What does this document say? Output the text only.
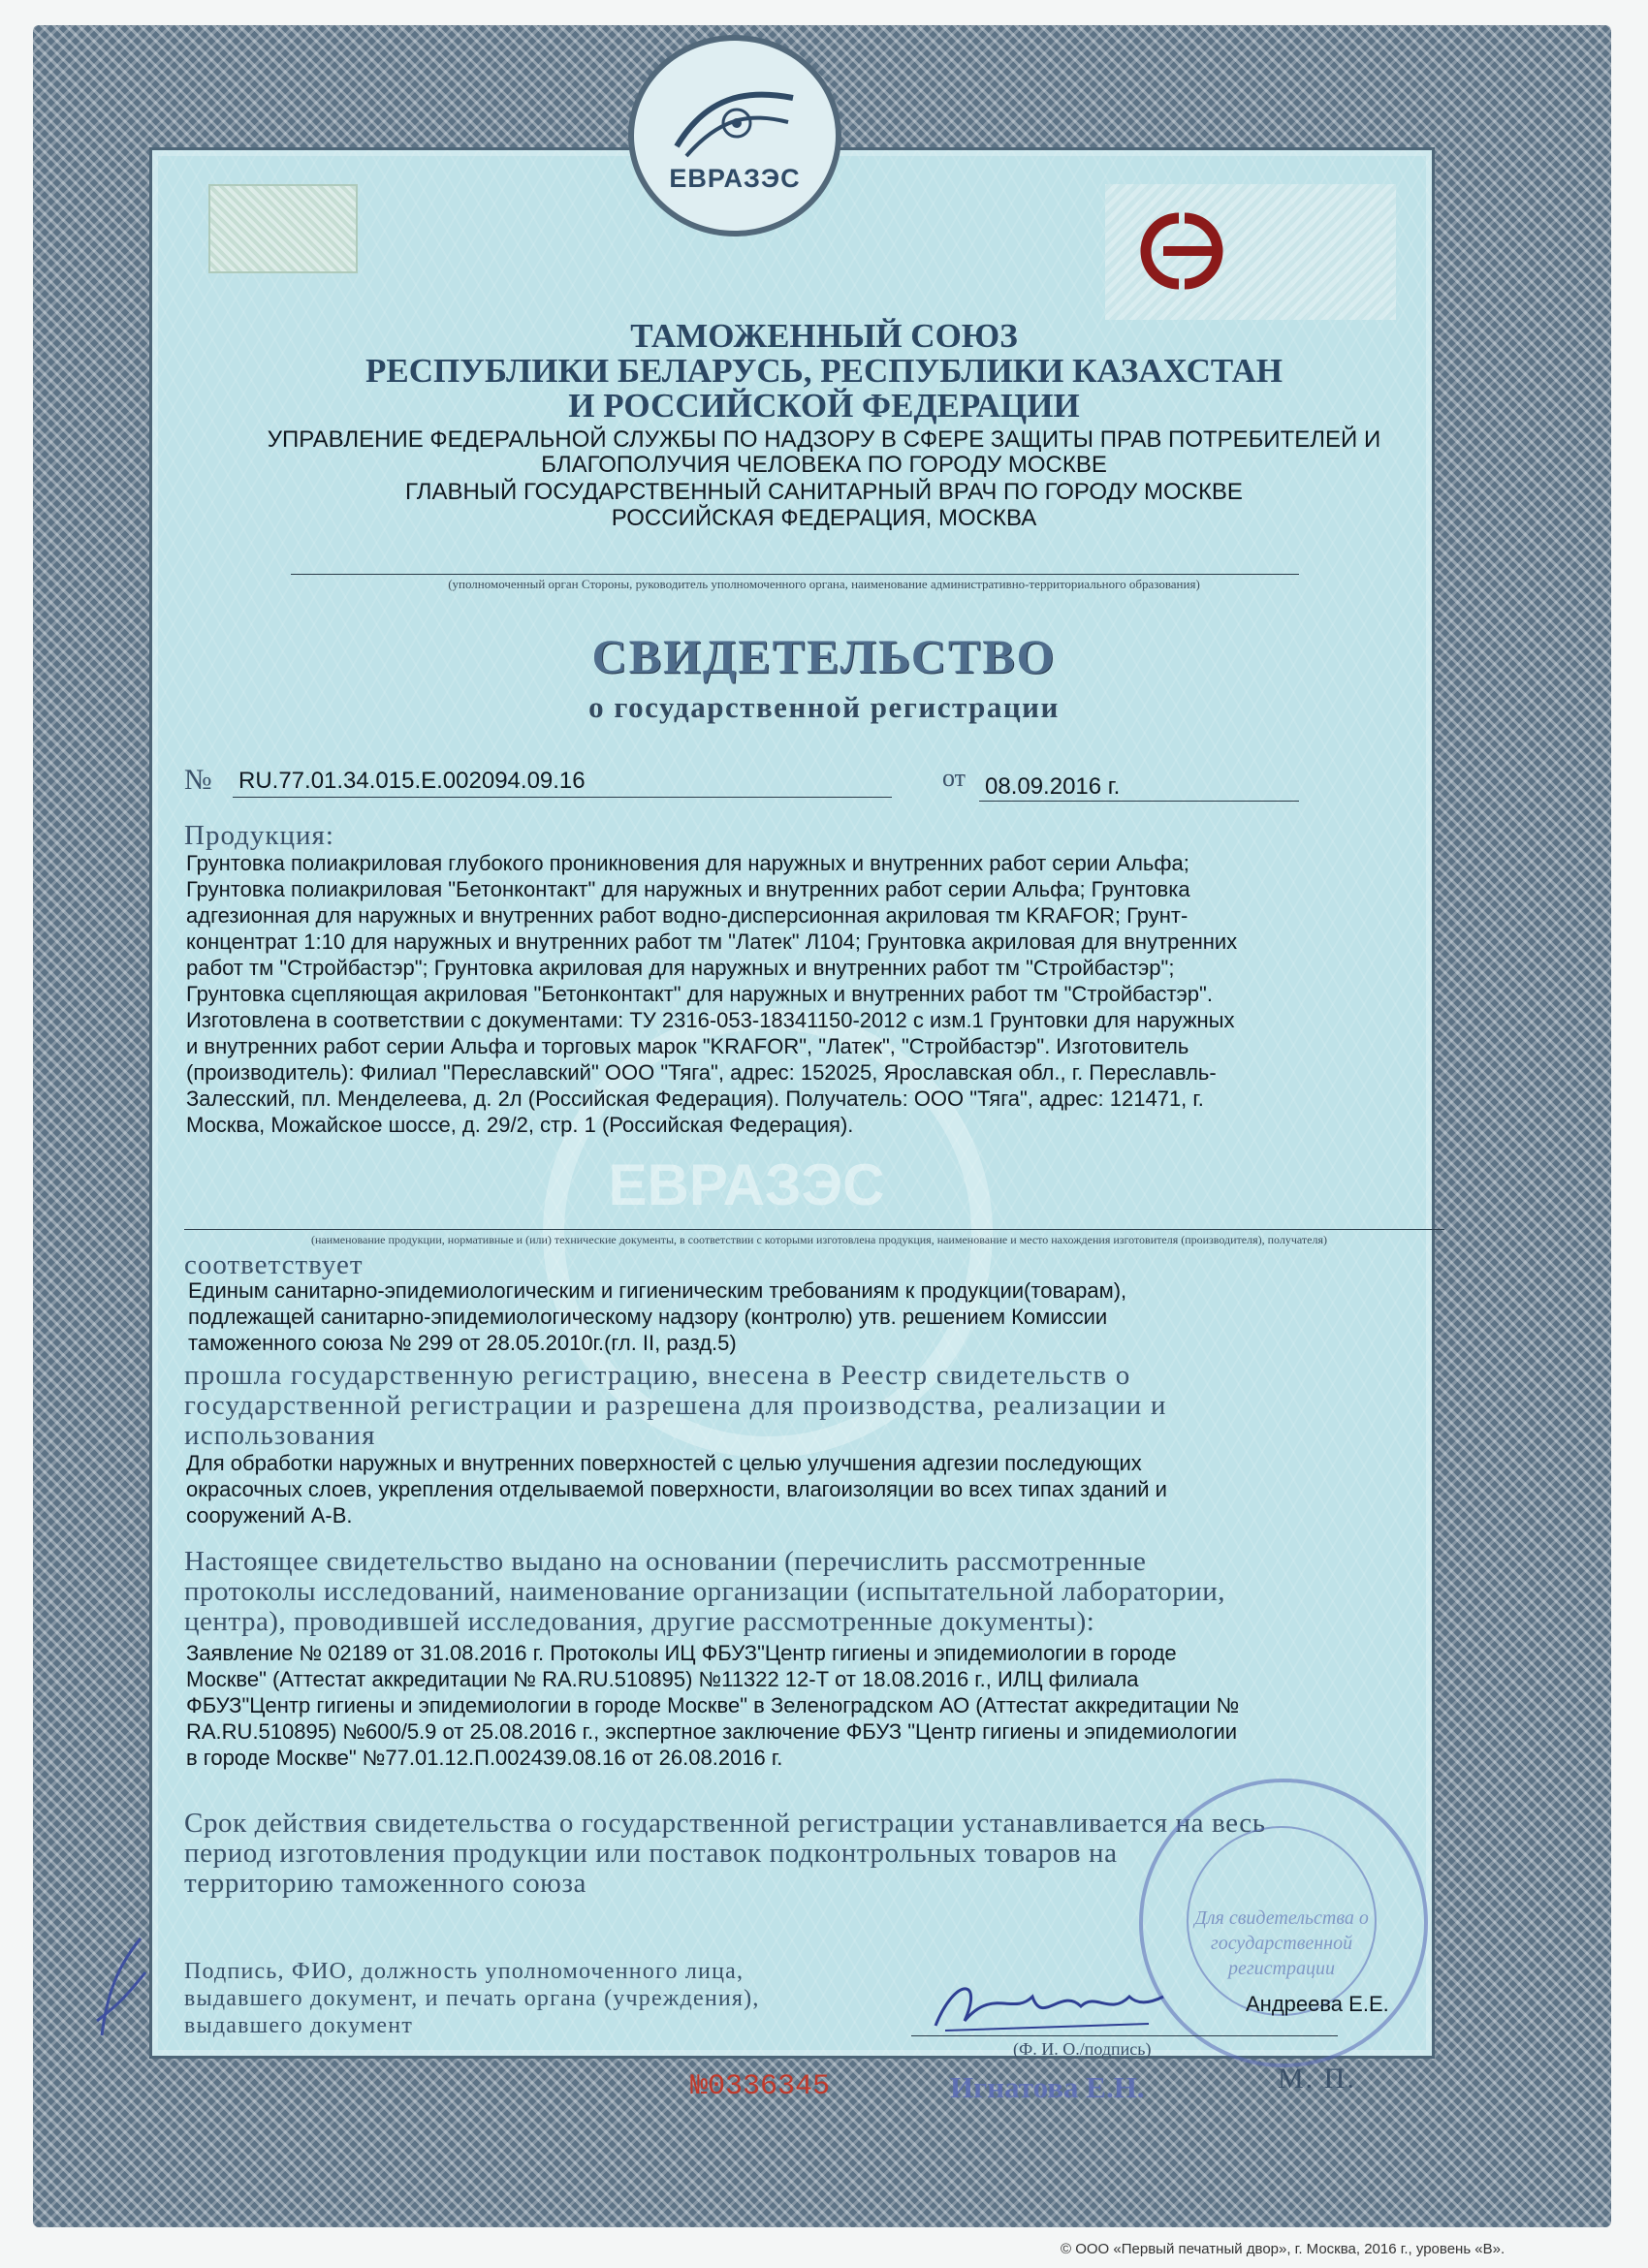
ЕВРАЗЭС
ТАМОЖЕННЫЙ СОЮЗ
РЕСПУБЛИКИ БЕЛАРУСЬ, РЕСПУБЛИКИ КАЗАХСТАН
И РОССИЙСКОЙ ФЕДЕРАЦИИ
УПРАВЛЕНИЕ ФЕДЕРАЛЬНОЙ СЛУЖБЫ ПО НАДЗОРУ В СФЕРЕ ЗАЩИТЫ ПРАВ ПОТРЕБИТЕЛЕЙ И
БЛАГОПОЛУЧИЯ ЧЕЛОВЕКА ПО ГОРОДУ МОСКВЕ
ГЛАВНЫЙ ГОСУДАРСТВЕННЫЙ САНИТАРНЫЙ ВРАЧ ПО ГОРОДУ МОСКВЕ
РОССИЙСКАЯ ФЕДЕРАЦИЯ, МОСКВА
(уполномоченный орган Стороны, руководитель уполномоченного органа, наименование административно-территориального образования)
СВИДЕТЕЛЬСТВО
о государственной регистрации
№ RU.77.01.34.015.Е.002094.09.16	от 08.09.2016 г.
ЕВРАЗЭС
Продукция:
Грунтовка полиакриловая глубокого проникновения для наружных и внутренних работ серии Альфа;
Грунтовка полиакриловая "Бетонконтакт" для наружных и внутренних работ серии Альфа; Грунтовка
адгезионная для наружных и внутренних работ водно-дисперсионная акриловая тм KRAFOR; Грунт-
концентрат 1:10 для наружных и внутренних работ тм "Латек" Л104; Грунтовка акриловая для внутренних
работ тм "Стройбастэр"; Грунтовка акриловая для наружных и внутренних работ тм "Стройбастэр";
Грунтовка сцепляющая акриловая "Бетонконтакт" для наружных и внутренних работ тм "Стройбастэр".
Изготовлена в соответствии с документами: ТУ 2316-053-18341150-2012 с изм.1 Грунтовки для наружных
и внутренних работ серии Альфа и торговых марок "KRAFOR", "Латек", "Стройбастэр". Изготовитель
(производитель): Филиал "Переславский" ООО "Тяга", адрес: 152025, Ярославская обл., г. Переславль-
Залесский, пл. Менделеева, д. 2л (Российская Федерация). Получатель: ООО "Тяга", адрес: 121471, г.
Москва, Можайское шоссе, д. 29/2, стр. 1 (Российская Федерация).
(наименование продукции, нормативные и (или) технические документы, в соответствии с которыми изготовлена продукция, наименование и место нахождения изготовителя (производителя), получателя)
соответствует
Единым санитарно-эпидемиологическим и гигиеническим требованиям к продукции(товарам),
подлежащей санитарно-эпидемиологическому надзору (контролю) утв. решением Комиссии
таможенного союза № 299 от 28.05.2010г.(гл. II, разд.5)
прошла государственную регистрацию, внесена в Реестр свидетельств о
государственной регистрации и разрешена для производства, реализации и
использования
Для обработки наружных и внутренних поверхностей с целью улучшения адгезии последующих
окрасочных слоев, укрепления отделываемой поверхности, влагоизоляции во всех типах зданий и
сооружений А-В.
Настоящее свидетельство выдано на основании (перечислить рассмотренные
протоколы исследований, наименование организации (испытательной лаборатории,
центра), проводившей исследования, другие рассмотренные документы):
Заявление № 02189 от 31.08.2016 г. Протоколы ИЦ ФБУЗ"Центр гигиены и эпидемиологии в городе
Москве" (Аттестат аккредитации № RA.RU.510895) №11322 12-Т от 18.08.2016 г., ИЛЦ филиала
ФБУЗ"Центр гигиены и эпидемиологии в городе Москве" в Зеленоградском АО (Аттестат аккредитации №
RA.RU.510895) №600/5.9 от 25.08.2016 г., экспертное заключение ФБУЗ "Центр гигиены и эпидемиологии
в городе Москве" №77.01.12.П.002439.08.16 от 26.08.2016 г.
Срок действия свидетельства о государственной регистрации устанавливается на весь
период изготовления продукции или поставок подконтрольных товаров на
территорию таможенного союза
Для свидетельства о государственной регистрации
Подпись, ФИО, должность уполномоченного лица,
выдавшего документ, и печать органа (учреждения),
выдавшего документ
Андреева Е.Е.
(Ф. И. О./подпись)
№0336345	Игнатова Е.Н.	М. П.
© ООО «Первый печатный двор», г. Москва, 2016 г., уровень «В».
